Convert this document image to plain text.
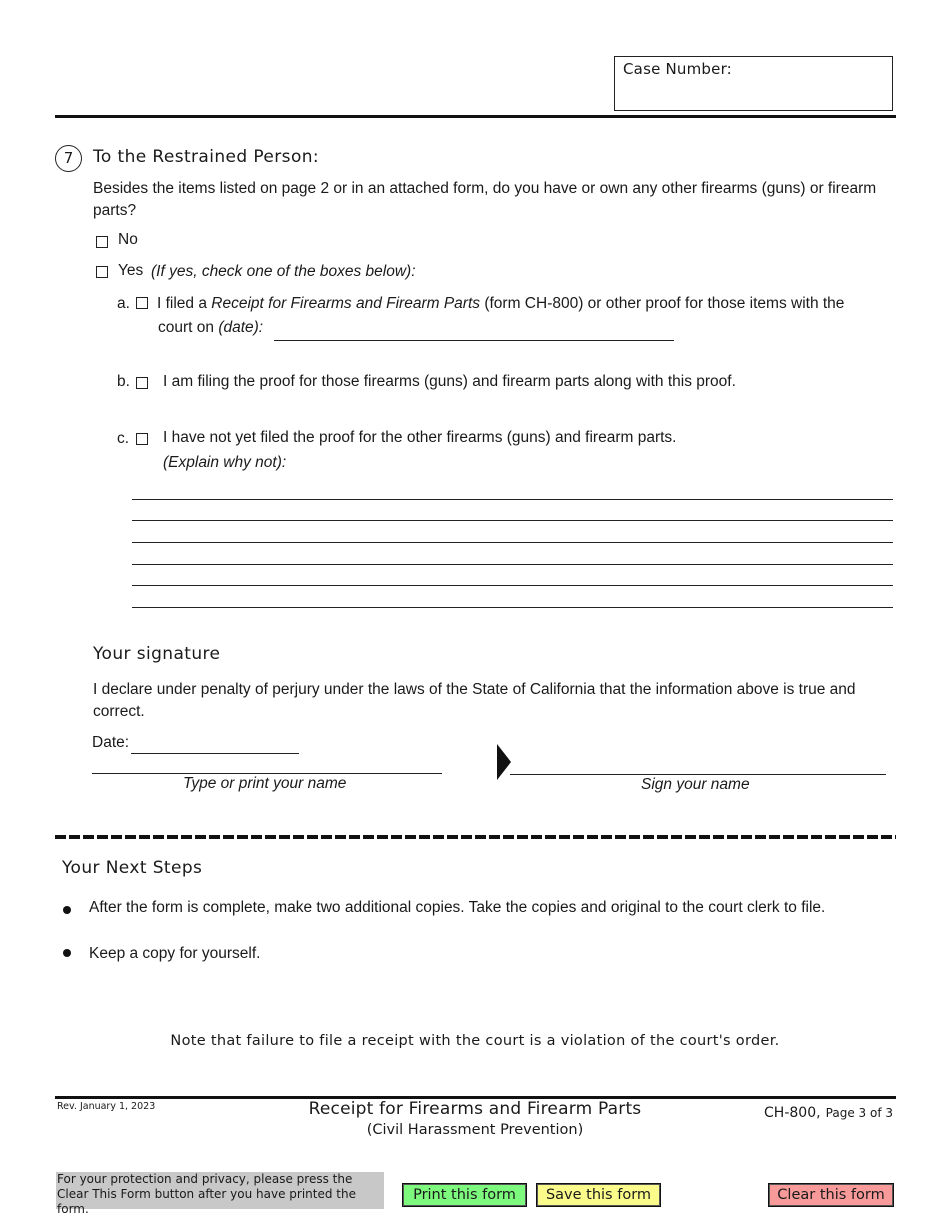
Case Number:
7	To the Restrained Person:
Besides the items listed on page 2 or in an attached form, do you have or own any other firearms (guns) or firearm parts?
No
Yes (If yes, check one of the boxes below):
a. I filed a Receipt for Firearms and Firearm Parts (form CH-800) or other proof for those items with the
court on (date):
b. I am filing the proof for those firearms (guns) and firearm parts along with this proof.
c. I have not yet filed the proof for the other firearms (guns) and firearm parts.
(Explain why not):
Your signature
I declare under penalty of perjury under the laws of the State of California that the information above is true and correct.
Date:
Type or print your name	Sign your name
Your Next Steps
After the form is complete, make two additional copies. Take the copies and original to the court clerk to file.
Keep a copy for yourself.
Note that failure to file a receipt with the court is a violation of the court's order.
Rev. January 1, 2023	Receipt for Firearms and Firearm Parts
(Civil Harassment Prevention)
CH-800, Page 3 of 3
For your protection and privacy, please press the Clear This Form button after you have printed the form.
Print this form	Save this form	Clear this form
